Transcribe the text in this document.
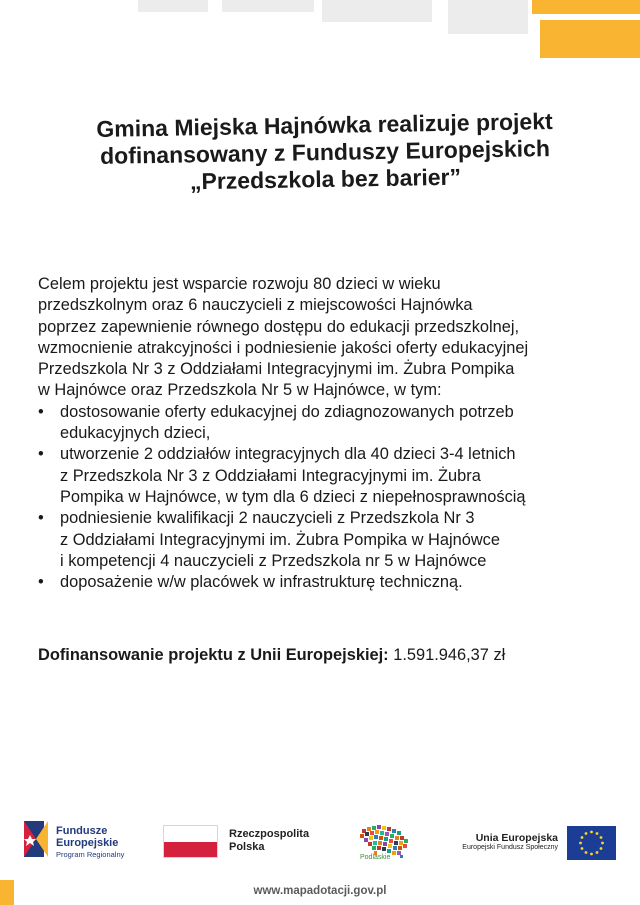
Gmina Miejska Hajnówka realizuje projekt
dofinansowany z Funduszy Europejskich
„Przedszkola bez barier”
Celem projektu jest wsparcie rozwoju 80 dzieci w wieku
przedszkolnym oraz 6 nauczycieli z miejscowości Hajnówka
poprzez zapewnienie równego dostępu do edukacji przedszkolnej,
wzmocnienie atrakcyjności i podniesienie jakości oferty edukacyjnej
Przedszkola Nr 3 z Oddziałami Integracyjnymi im. Żubra Pompika
w Hajnówce oraz Przedszkola Nr 5 w Hajnówce, w tym:
• dostosowanie oferty edukacyjnej do zdiagnozowanych potrzeb
edukacyjnych dzieci,
• utworzenie 2 oddziałów integracyjnych dla 40 dzieci 3-4 letnich
z Przedszkola Nr 3 z Oddziałami Integracyjnymi im. Żubra
Pompika w Hajnówce, w tym dla 6 dzieci z niepełnosprawnością
• podniesienie kwalifikacji 2 nauczycieli z Przedszkola Nr 3
z Oddziałami Integracyjnymi im. Żubra Pompika w Hajnówce
i kompetencji 4 nauczycieli z Przedszkola nr 5 w Hajnówce
• doposażenie w/w placówek w infrastrukturę techniczną.
Dofinansowanie projektu z Unii Europejskiej: 1.591.946,37 zł
Fundusze
Europejskie
Program Regionalny
Rzeczpospolita
Polska
Podlaskie
Unia Europejska
Europejski Fundusz Społeczny
www.mapadotacji.gov.pl
